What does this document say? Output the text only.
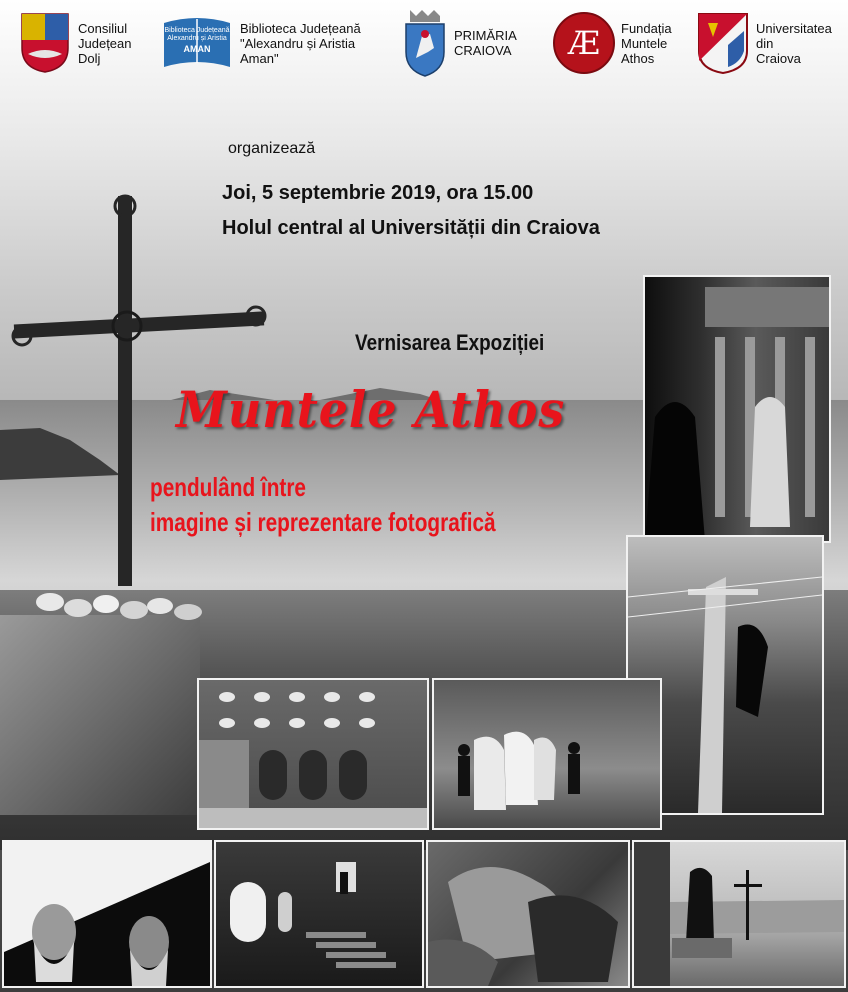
Consiliul
Județean
Dolj
Biblioteca Județeană
Alexandru și Aristia
AMAN
Biblioteca Județeană
"Alexandru și Aristia
Aman"
PRIMĂRIA
CRAIOVA	Æ	Fundația
Muntele
Athos
Universitatea
din
Craiova
organizează
Joi, 5 septembrie 2019, ora 15.00
Holul central al Universității din Craiova
Vernisarea Expoziției
Muntele Athos
pendulând între
imagine și reprezentare fotografică
